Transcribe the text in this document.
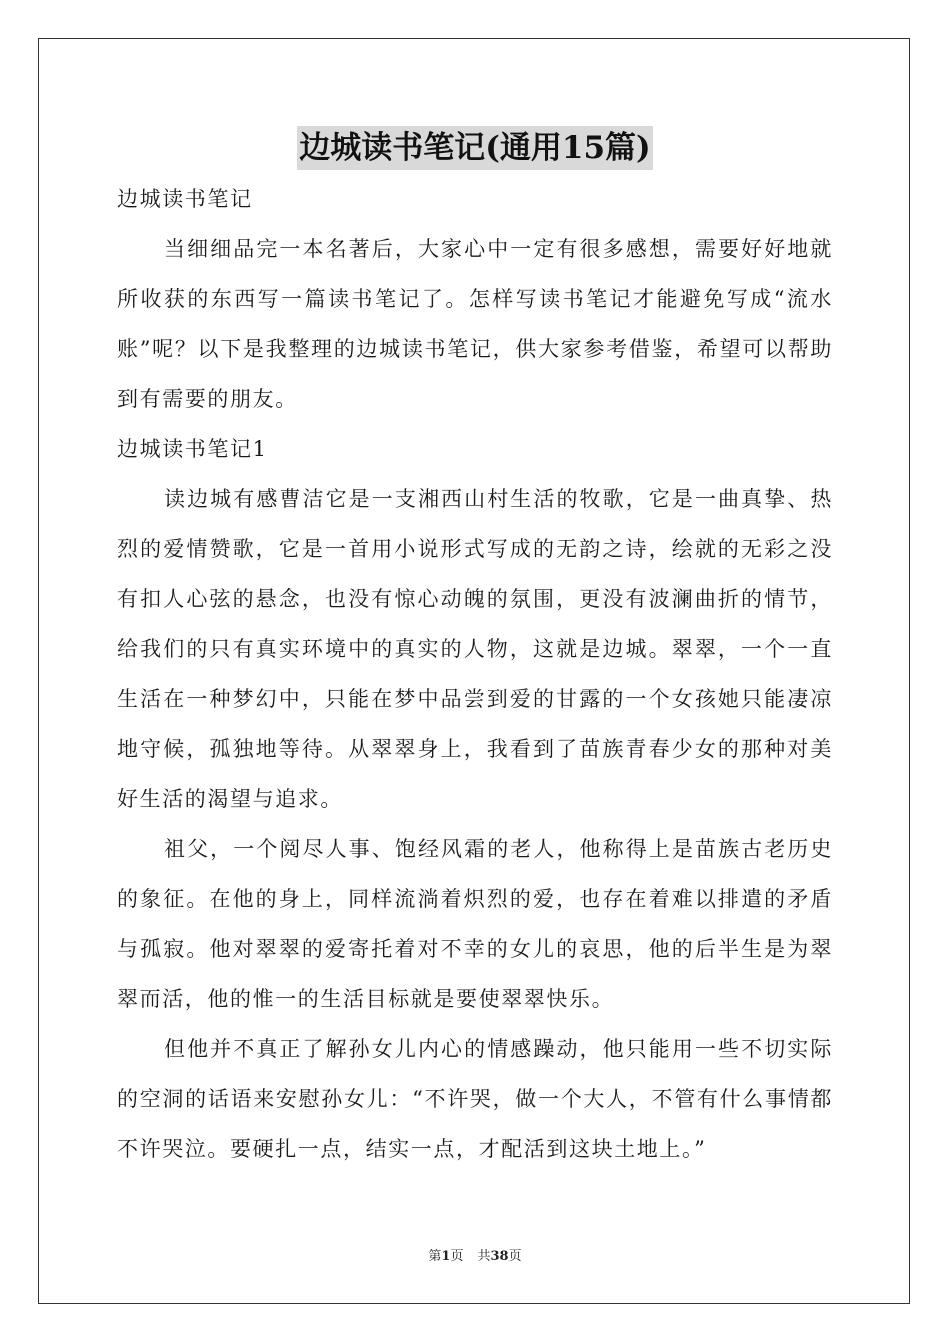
边城读书笔记(通用15篇)

边城读书笔记

当细细品完一本名著后，大家心中一定有很多感想，需要好好地就所收获的东西写一篇读书笔记了。怎样写读书笔记才能避免写成“流水账”呢？以下是我整理的边城读书笔记，供大家参考借鉴，希望可以帮助到有需要的朋友。

边城读书笔记1

读边城有感曹洁它是一支湘西山村生活的牧歌，它是一曲真挚、热烈的爱情赞歌，它是一首用小说形式写成的无韵之诗，绘就的无彩之没有扣人心弦的悬念，也没有惊心动魄的氛围，更没有波澜曲折的情节，给我们的只有真实环境中的真实的人物，这就是边城。翠翠，一个一直生活在一种梦幻中，只能在梦中品尝到爱的甘露的一个女孩她只能凄凉地守候，孤独地等待。从翠翠身上，我看到了苗族青春少女的那种对美好生活的渴望与追求。

祖父，一个阅尽人事、饱经风霜的老人，他称得上是苗族古老历史的象征。在他的身上，同样流淌着炽烈的爱，也存在着难以排遣的矛盾与孤寂。他对翠翠的爱寄托着对不幸的女儿的哀思，他的后半生是为翠翠而活，他的惟一的生活目标就是要使翠翠快乐。

但他并不真正了解孙女儿内心的情感躁动，他只能用一些不切实际的空洞的话语来安慰孙女儿：“不许哭，做一个大人，不管有什么事情都不许哭泣。要硬扎一点，结实一点，才配活到这块土地上。”

第1页 共38页
